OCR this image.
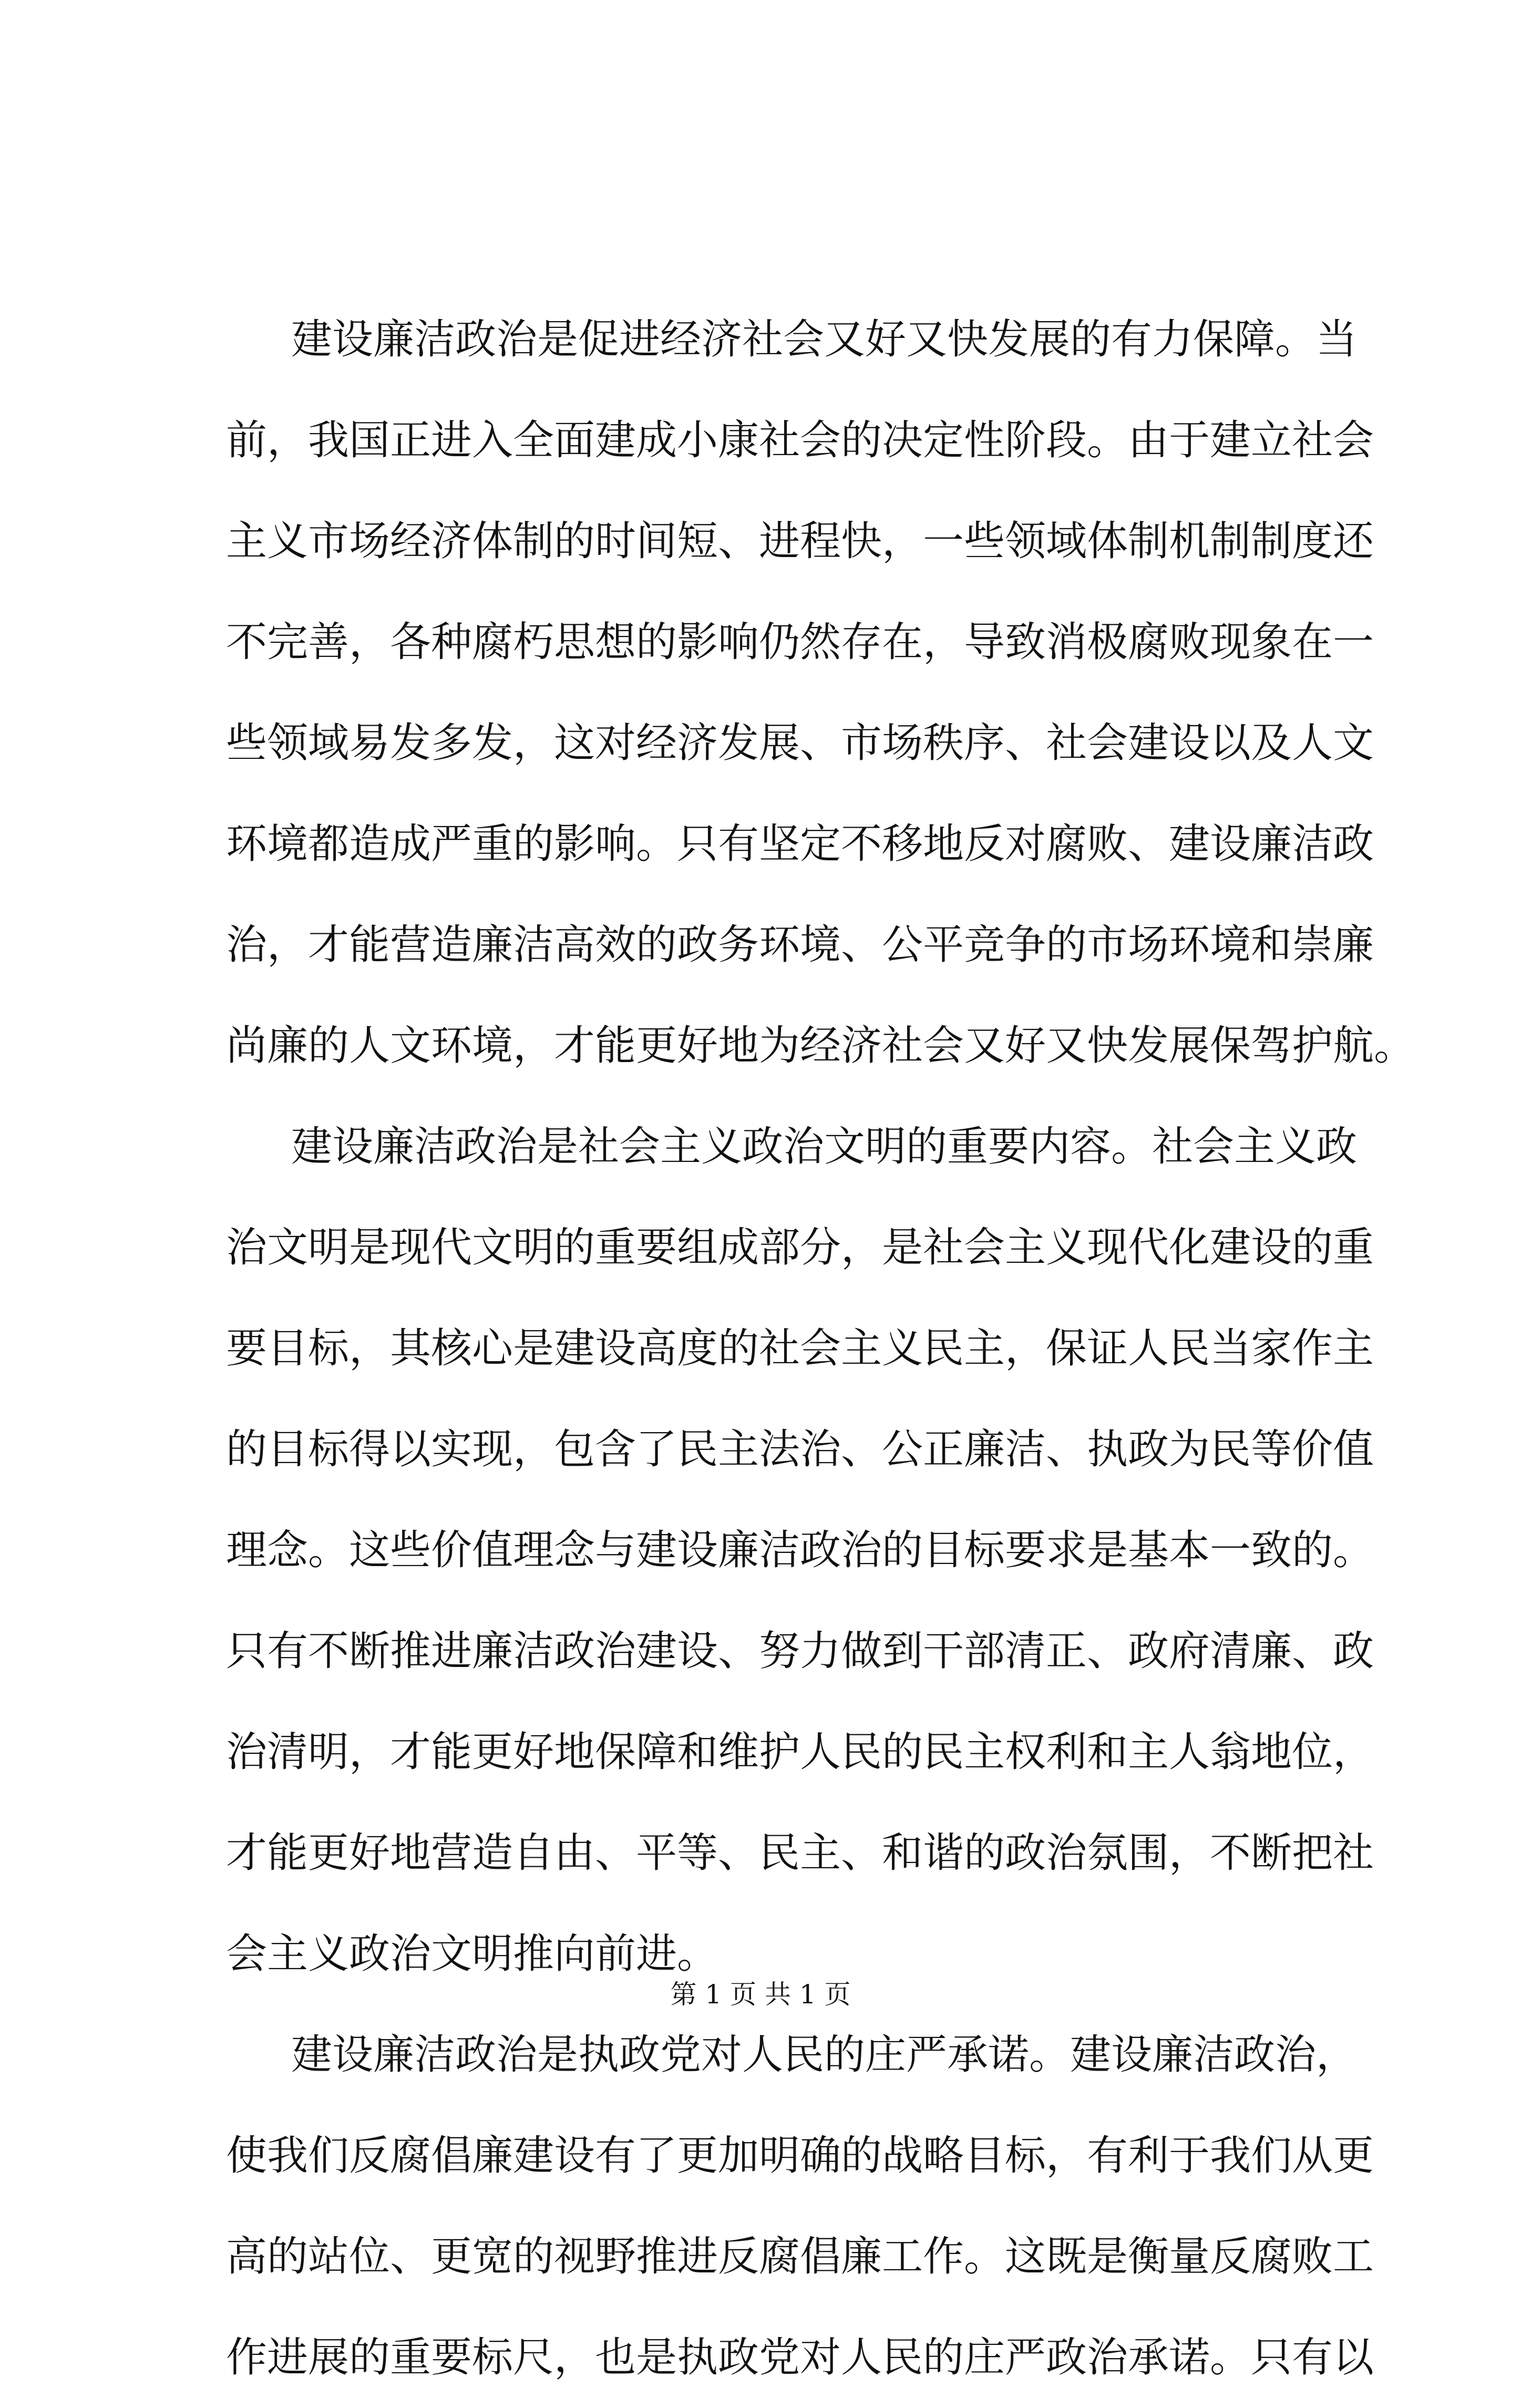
建设廉洁政治是促进经济社会又好又快发展的有力保障。当
前，我国正进入全面建成小康社会的决定性阶段。由于建立社会
主义市场经济体制的时间短、进程快，一些领域体制机制制度还
不完善，各种腐朽思想的影响仍然存在，导致消极腐败现象在一
些领域易发多发，这对经济发展、市场秩序、社会建设以及人文
环境都造成严重的影响。只有坚定不移地反对腐败、建设廉洁政
治，才能营造廉洁高效的政务环境、公平竞争的市场环境和崇廉
尚廉的人文环境，才能更好地为经济社会又好又快发展保驾护航。
建设廉洁政治是社会主义政治文明的重要内容。社会主义政
治文明是现代文明的重要组成部分，是社会主义现代化建设的重
要目标，其核心是建设高度的社会主义民主，保证人民当家作主
的目标得以实现，包含了民主法治、公正廉洁、执政为民等价值
理念。这些价值理念与建设廉洁政治的目标要求是基本一致的。
只有不断推进廉洁政治建设、努力做到干部清正、政府清廉、政
治清明，才能更好地保障和维护人民的民主权利和主人翁地位，
才能更好地营造自由、平等、民主、和谐的政治氛围，不断把社
会主义政治文明推向前进。
建设廉洁政治是执政党对人民的庄严承诺。建设廉洁政治，
使我们反腐倡廉建设有了更加明确的战略目标，有利于我们从更
高的站位、更宽的视野推进反腐倡廉工作。这既是衡量反腐败工
作进展的重要标尺，也是执政党对人民的庄严政治承诺。只有以
第 1 页 共 1 页
